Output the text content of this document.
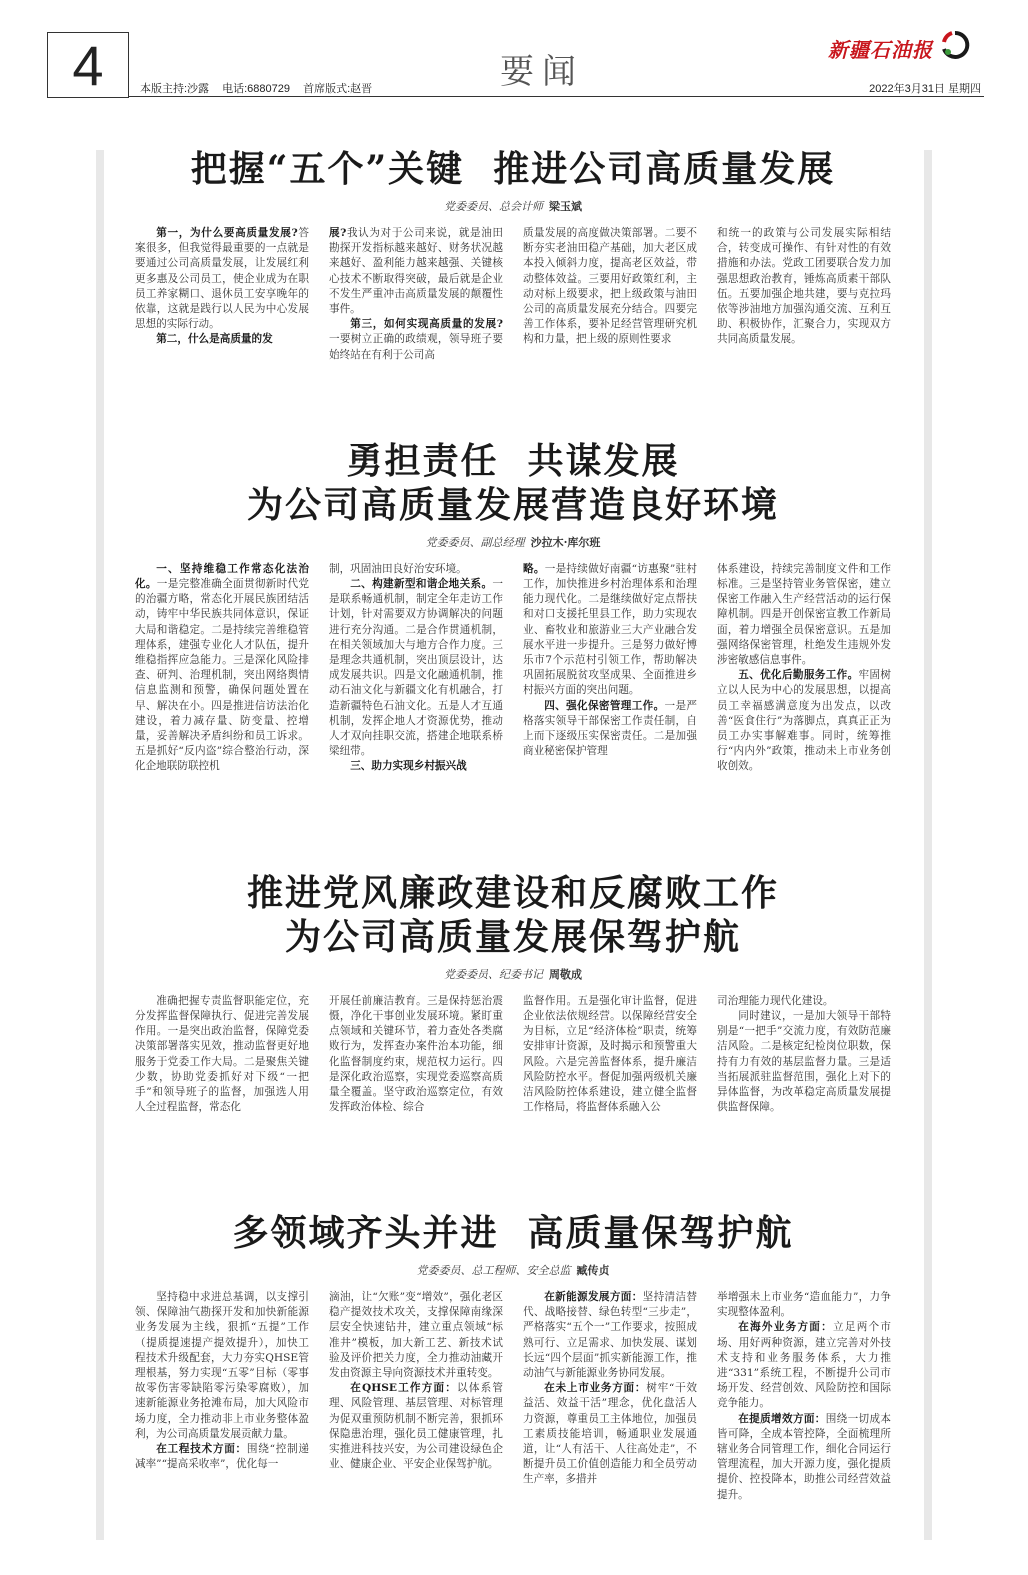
4	要闻
本版主持:沙露 电话:6880729 首席版式:赵晋
新疆石油报
2022年3月31日 星期四
把握“五个”关键  推进公司高质量发展
党委委员、总会计师 梁玉斌

第一，为什么要高质量发展?答案很多，但我觉得最重要的一点就是要通过公司高质量发展，让发展红利更多惠及公司员工，使企业成为在职员工养家糊口、退休员工安享晚年的依靠，这就是践行以人民为中心发展思想的实际行动。

第二，什么是高质量的发

展?我认为对于公司来说，就是油田勘探开发指标越来越好、财务状况越来越好、盈利能力越来越强、关键核心技术不断取得突破，最后就是企业不发生严重冲击高质量发展的颠覆性事件。

第三，如何实现高质量的发展?一要树立正确的政绩观，领导班子要始终站在有利于公司高

质量发展的高度做决策部署。二要不断夯实老油田稳产基础，加大老区成本投入倾斜力度，提高老区效益，带动整体效益。三要用好政策红利，主动对标上级要求，把上级政策与油田公司的高质量发展充分结合。四要完善工作体系，要补足经营管理研究机构和力量，把上级的原则性要求

和统一的政策与公司发展实际相结合，转变成可操作、有针对性的有效措施和办法。党政工团要联合发力加强思想政治教育，锤炼高质素干部队伍。五要加强企地共建，要与克拉玛依等涉油地方加强沟通交流、互利互助、积极协作，汇聚合力，实现双方共同高质量发展。

勇担责任  共谋发展
为公司高质量发展营造良好环境
党委委员、副总经理 沙拉木·库尔班

一、坚持维稳工作常态化法治化。一是完整准确全面贯彻新时代党的治疆方略，常态化开展民族团结活动，铸牢中华民族共同体意识，保证大局和谐稳定。二是持续完善维稳管理体系，建强专业化人才队伍，提升维稳指挥应急能力。三是深化风险排查、研判、治理机制，突出网络舆情信息监测和预警，确保问题处置在早、解决在小。四是推进信访法治化建设，着力减存量、防变量、控增量，妥善解决矛盾纠纷和员工诉求。五是抓好“反内盗”综合整治行动，深化企地联防联控机

制，巩固油田良好治安环境。

二、构建新型和谐企地关系。一是联系畅通机制，制定全年走访工作计划，针对需要双方协调解决的问题进行充分沟通。二是合作贯通机制，在相关领域加大与地方合作力度。三是理念共通机制，突出顶层设计，达成发展共识。四是文化融通机制，推动石油文化与新疆文化有机融合，打造新疆特色石油文化。五是人才互通机制，发挥企地人才资源优势，推动人才双向挂职交流，搭建企地联系桥梁纽带。

三、助力实现乡村振兴战

略。一是持续做好南疆“访惠聚”驻村工作，加快推进乡村治理体系和治理能力现代化。二是继续做好定点帮扶和对口支援托里县工作，助力实现农业、畜牧业和旅游业三大产业融合发展水平进一步提升。三是努力做好博乐市7个示范村引领工作，帮助解决巩固拓展脱贫攻坚成果、全面推进乡村振兴方面的突出问题。

四、强化保密管理工作。一是严格落实领导干部保密工作责任制，自上而下逐级压实保密责任。二是加强商业秘密保护管理

体系建设，持续完善制度文件和工作标准。三是坚持管业务管保密，建立保密工作融入生产经营活动的运行保障机制。四是开创保密宣教工作新局面，着力增强全员保密意识。五是加强网络保密管理，杜绝发生违规外发涉密敏感信息事件。

五、优化后勤服务工作。牢固树立以人民为中心的发展思想，以提高员工幸福感满意度为出发点，以改善“医食住行”为落脚点，真真正正为员工办实事解难事。同时，统筹推行“内内外”政策，推动未上市业务创收创效。

推进党风廉政建设和反腐败工作
为公司高质量发展保驾护航
党委委员、纪委书记 周敬成

准确把握专责监督职能定位，充分发挥监督保障执行、促进完善发展作用。一是突出政治监督，保障党委决策部署落实见效，推动监督更好地服务于党委工作大局。二是聚焦关键少数，协助党委抓好对下级“一把手”和领导班子的监督，加强选人用人全过程监督，常态化

开展任前廉洁教育。三是保持惩治震慑，净化干事创业发展环境。紧盯重点领域和关键环节，着力查处各类腐败行为，发挥查办案件治本功能，细化监督制度约束，规范权力运行。四是深化政治巡察，实现党委巡察高质量全覆盖。坚守政治巡察定位，有效发挥政治体检、综合

监督作用。五是强化审计监督，促进企业依法依规经营。以保障经营安全为目标，立足“经济体检”职责，统筹安排审计资源，及时揭示和预警重大风险。六是完善监督体系，提升廉洁风险防控水平。督促加强两级机关廉洁风险防控体系建设，建立健全监督工作格局，将监督体系融入公

司治理能力现代化建设。

同时建议，一是加大领导干部特别是“一把手”交流力度，有效防范廉洁风险。二是核定纪检岗位职数，保持有力有效的基层监督力量。三是适当拓展派驻监督范围，强化上对下的异体监督，为改革稳定高质量发展提供监督保障。

多领域齐头并进  高质量保驾护航
党委委员、总工程师、安全总监 臧传贞

坚持稳中求进总基调，以支撑引领、保障油气勘探开发和加快新能源业务发展为主线，狠抓“五提”工作（提质提速提产提效提升），加快工程技术升级配套，大力夯实QHSE管理根基，努力实现“五零”目标（零事故零伤害零缺陷零污染零腐败），加速新能源业务抢滩布局，加大风险市场力度，全力推动非上市业务整体盈利，为公司高质量发展贡献力量。

在工程技术方面：围绕“控制递减率”“提高采收率”，优化每一

滴油，让“欠账”变“增效”，强化老区稳产提效技术攻关，支撑保障南缘深层安全快速钻井，建立重点领域“标准井”模板，加大新工艺、新技术试验及评价把关力度，全力推动油藏开发由资源主导向资源技术并重转变。

在QHSE工作方面：以体系管理、风险管理、基层管理、对标管理为促双重预防机制不断完善，狠抓环保隐患治理，强化员工健康管理，扎实推进科技兴安，为公司建设绿色企业、健康企业、平安企业保驾护航。

在新能源发展方面：坚持清洁替代、战略接替、绿色转型“三步走”，严格落实“五个一”工作要求，按照成熟可行、立足需求、加快发展、谋划长远“四个层面”抓实新能源工作，推动油气与新能源业务协同发展。

在未上市业务方面：树牢“干效益活、效益干活”理念，优化盘活人力资源，尊重员工主体地位，加强员工素质技能培训，畅通职业发展通道，让“人有活干、人往高处走”，不断提升员工价值创造能力和全员劳动生产率，多措并

举增强未上市业务“造血能力”，力争实现整体盈利。

在海外业务方面：立足两个市场、用好两种资源，建立完善对外技术支持和业务服务体系，大力推进“331”系统工程，不断提升公司市场开发、经营创效、风险防控和国际竞争能力。

在提质增效方面：围绕一切成本皆可降，全成本管控降，全面梳理所辖业务合同管理工作，细化合同运行管理流程，加大开源力度，强化提质提价、控投降本，助推公司经营效益提升。
